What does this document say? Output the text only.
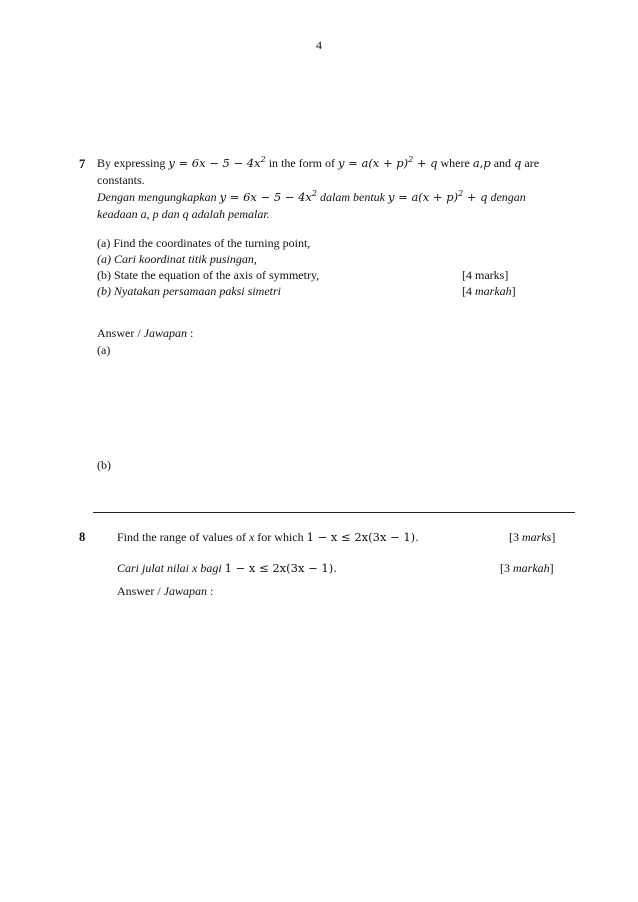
4
7 By expressing $y = 6x - 5 - 4x^2$ in the form of $y = a(x + p)^2 + q$ where a,p and q are
constants.
Dengan mengungkapkan $y = 6x - 5 - 4x^2$ dalam bentuk $y = a(x + p)^2 + q$ dengan
keadaan a, p dan q adalah pemalar.
(a) Find the coordinates of the turning point,
(a) Cari koordinat titik pusingan,
(b) State the equation of the axis of symmetry,
(b) Nyatakan persamaan paksi simetri
[4 marks]
[4 markah]
Answer / Jawapan :
(a)
(b)
8	Find the range of values of x for which 1 − x ≤ 2x(3x − 1).	[3 marks]
Cari julat nilai x bagi 1 − x ≤ 2x(3x − 1).	[3 markah]
Answer / Jawapan :
